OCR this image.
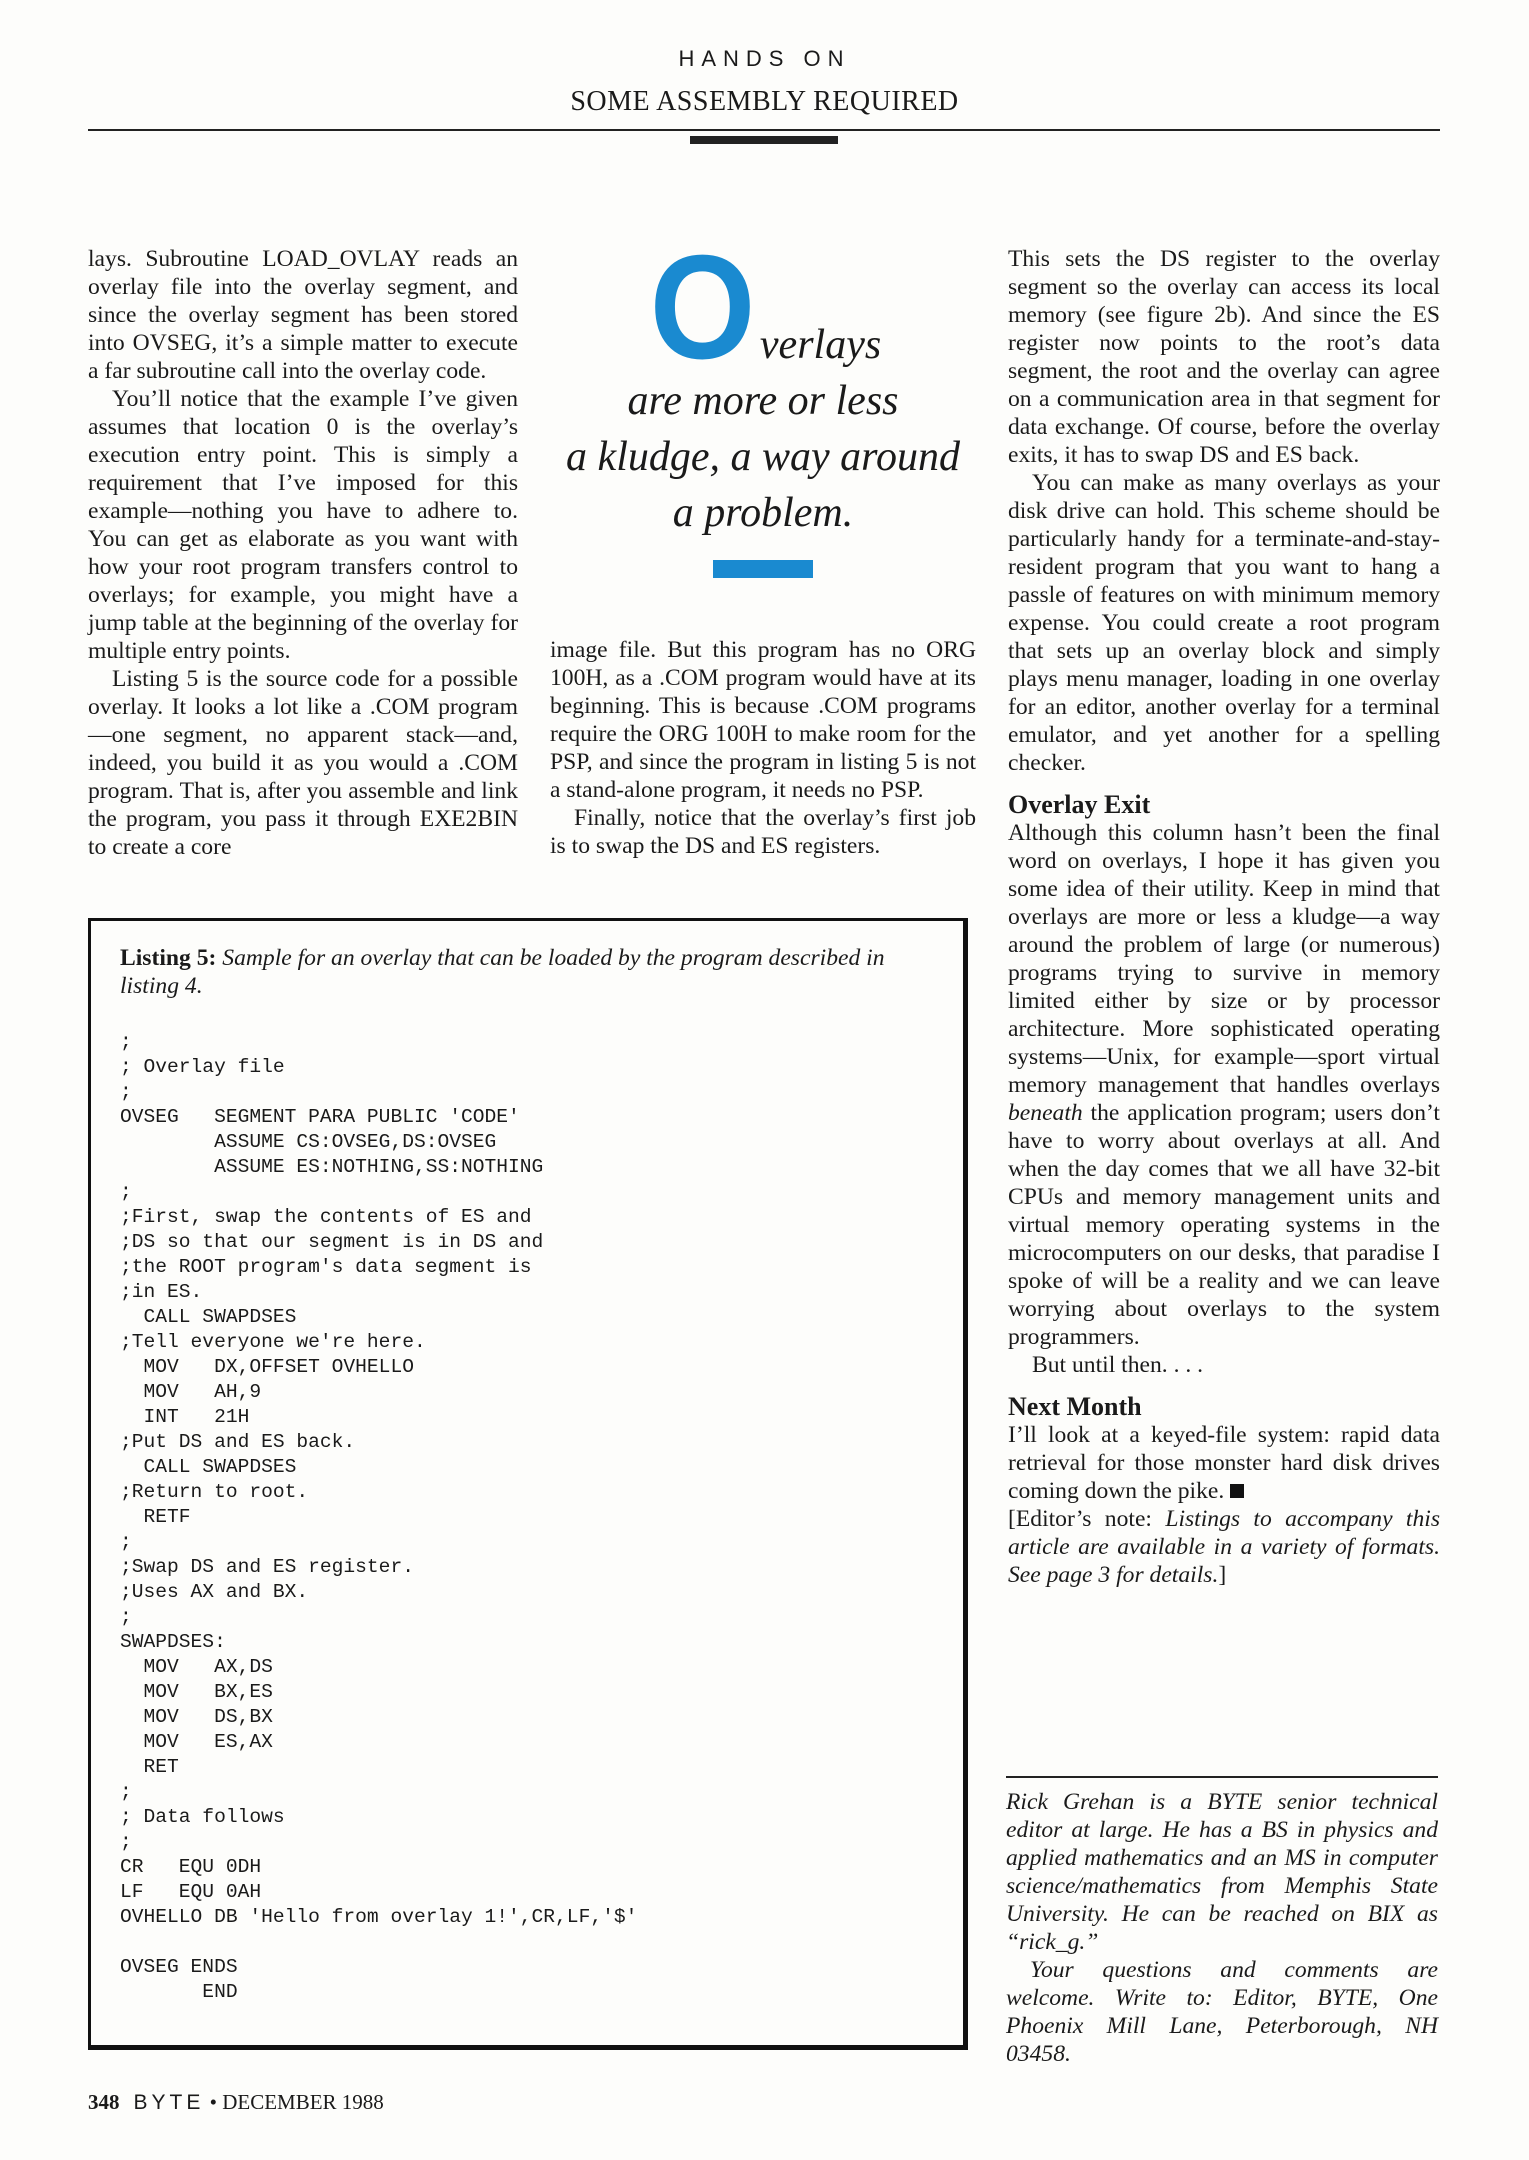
HANDS ON
SOME ASSEMBLY REQUIRED

lays. Subroutine LOAD_OVLAY reads an overlay file into the overlay segment, and since the overlay segment has been stored into OVSEG, it’s a simple matter to execute a far subroutine call into the overlay code.

You’ll notice that the example I’ve given assumes that location 0 is the overlay’s execution entry point. This is simply a requirement that I’ve imposed for this example—nothing you have to adhere to. You can get as elaborate as you want with how your root program transfers control to overlays; for example, you might have a jump table at the beginning of the overlay for multiple entry points.

Listing 5 is the source code for a possible overlay. It looks a lot like a .COM program—one segment, no apparent stack—and, indeed, you build it as you would a .COM program. That is, after you assemble and link the program, you pass it through EXE2BIN to create a core

Overlays
are more or less
a kludge, a way around
a problem.

image file. But this program has no ORG 100H, as a .COM program would have at its beginning. This is because .COM programs require the ORG 100H to make room for the PSP, and since the program in listing 5 is not a stand-alone program, it needs no PSP.

Finally, notice that the overlay’s first job is to swap the DS and ES registers.

This sets the DS register to the overlay segment so the overlay can access its local memory (see figure 2b). And since the ES register now points to the root’s data segment, the root and the overlay can agree on a communication area in that segment for data exchange. Of course, before the overlay exits, it has to swap DS and ES back.

You can make as many overlays as your disk drive can hold. This scheme should be particularly handy for a terminate-and-stay-resident program that you want to hang a passle of features on with minimum memory expense. You could create a root program that sets up an overlay block and simply plays menu manager, loading in one overlay for an editor, another overlay for a terminal emulator, and yet another for a spelling checker.

Overlay Exit

Although this column hasn’t been the final word on overlays, I hope it has given you some idea of their utility. Keep in mind that overlays are more or less a kludge—a way around the problem of large (or numerous) programs trying to survive in memory limited either by size or by processor architecture. More sophisticated operating systems—Unix, for example—sport virtual memory management that handles overlays beneath the application program; users don’t have to worry about overlays at all. And when the day comes that we all have 32-bit CPUs and memory management units and virtual memory operating systems in the microcomputers on our desks, that paradise I spoke of will be a reality and we can leave worrying about overlays to the system programmers.

But until then. . . .

Next Month

I’ll look at a keyed-file system: rapid data retrieval for those monster hard disk drives coming down the pike.

[Editor’s note: Listings to accompany this article are available in a variety of formats. See page 3 for details.]

Listing 5: Sample for an overlay that can be loaded by the program described in listing 4.
;
; Overlay file
;
OVSEG   SEGMENT PARA PUBLIC 'CODE'
ASSUME CS:OVSEG,DS:OVSEG
ASSUME ES:NOTHING,SS:NOTHING
;
;First, swap the contents of ES and
;DS so that our segment is in DS and
;the ROOT program's data segment is
;in ES.
CALL SWAPDSES
;Tell everyone we're here.
MOV   DX,OFFSET OVHELLO
MOV   AH,9
INT   21H
;Put DS and ES back.
CALL SWAPDSES
;Return to root.
RETF
;
;Swap DS and ES register.
;Uses AX and BX.
;
SWAPDSES:
MOV   AX,DS
MOV   BX,ES
MOV   DS,BX
MOV   ES,AX
RET
;
; Data follows
;
CR   EQU 0DH
LF   EQU 0AH
OVHELLO DB 'Hello from overlay 1!',CR,LF,'$'

OVSEG ENDS
END

Rick Grehan is a BYTE senior technical editor at large. He has a BS in physics and applied mathematics and an MS in computer science/mathematics from Memphis State University. He can be reached on BIX as “rick_g.”

Your questions and comments are welcome. Write to: Editor, BYTE, One Phoenix Mill Lane, Peterborough, NH 03458.

348 BYTE • DECEMBER 1988
